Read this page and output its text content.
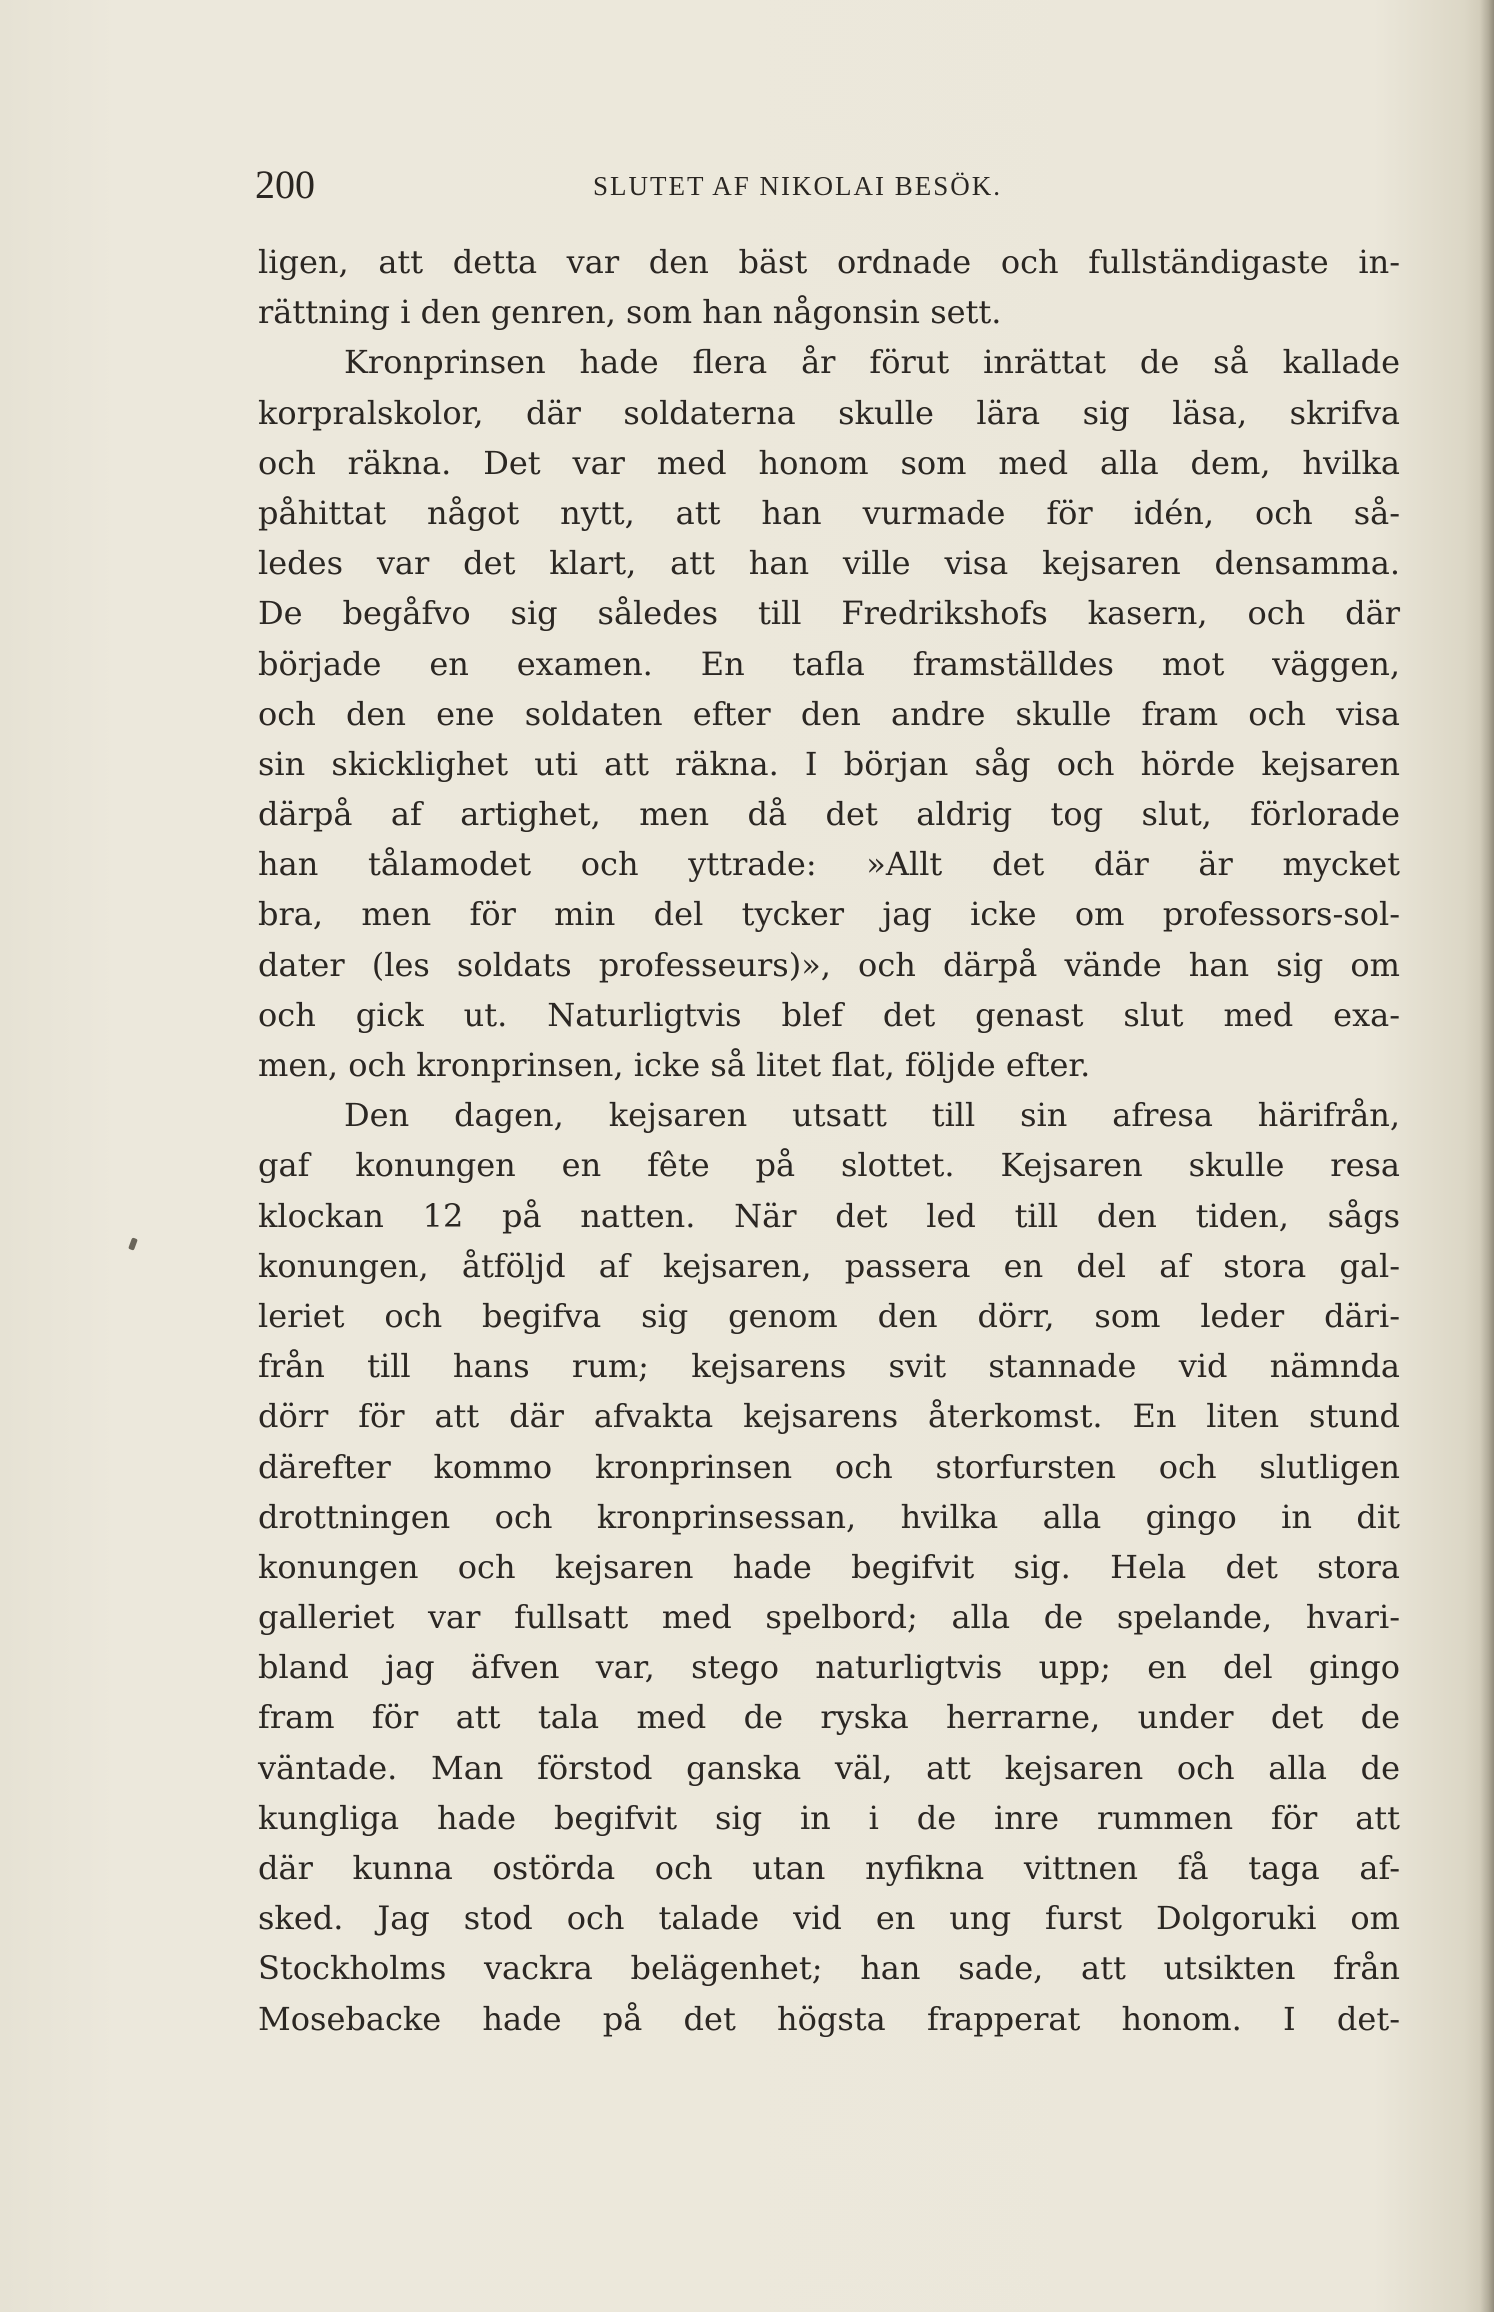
200	SLUTET AF NIKOLAI BESÖK.
ligen, att detta var den bäst ordnade och fullständigaste in-
rättning i den genren, som han någonsin sett.
Kronprinsen hade flera år förut inrättat de så kallade
korpralskolor, där soldaterna skulle lära sig läsa, skrifva
och räkna. Det var med honom som med alla dem, hvilka
påhittat något nytt, att han vurmade för idén, och så-
ledes var det klart, att han ville visa kejsaren densamma.
De begåfvo sig således till Fredrikshofs kasern, och där
började en examen. En tafla framställdes mot väggen,
och den ene soldaten efter den andre skulle fram och visa
sin skicklighet uti att räkna. I början såg och hörde kejsaren
därpå af artighet, men då det aldrig tog slut, förlorade
han tålamodet och yttrade: »Allt det där är mycket
bra, men för min del tycker jag icke om professors-sol-
dater (les soldats professeurs)», och därpå vände han sig om
och gick ut. Naturligtvis blef det genast slut med exa-
men, och kronprinsen, icke så litet flat, följde efter.
Den dagen, kejsaren utsatt till sin afresa härifrån,
gaf konungen en fête på slottet. Kejsaren skulle resa
klockan 12 på natten. När det led till den tiden, sågs
konungen, åtföljd af kejsaren, passera en del af stora gal-
leriet och begifva sig genom den dörr, som leder däri-
från till hans rum; kejsarens svit stannade vid nämnda
dörr för att där afvakta kejsarens återkomst. En liten stund
därefter kommo kronprinsen och storfursten och slutligen
drottningen och kronprinsessan, hvilka alla gingo in dit
konungen och kejsaren hade begifvit sig. Hela det stora
galleriet var fullsatt med spelbord; alla de spelande, hvari-
bland jag äfven var, stego naturligtvis upp; en del gingo
fram för att tala med de ryska herrarne, under det de
väntade. Man förstod ganska väl, att kejsaren och alla de
kungliga hade begifvit sig in i de inre rummen för att
där kunna ostörda och utan nyfikna vittnen få taga af-
sked. Jag stod och talade vid en ung furst Dolgoruki om
Stockholms vackra belägenhet; han sade, att utsikten från
Mosebacke hade på det högsta frapperat honom. I det-
